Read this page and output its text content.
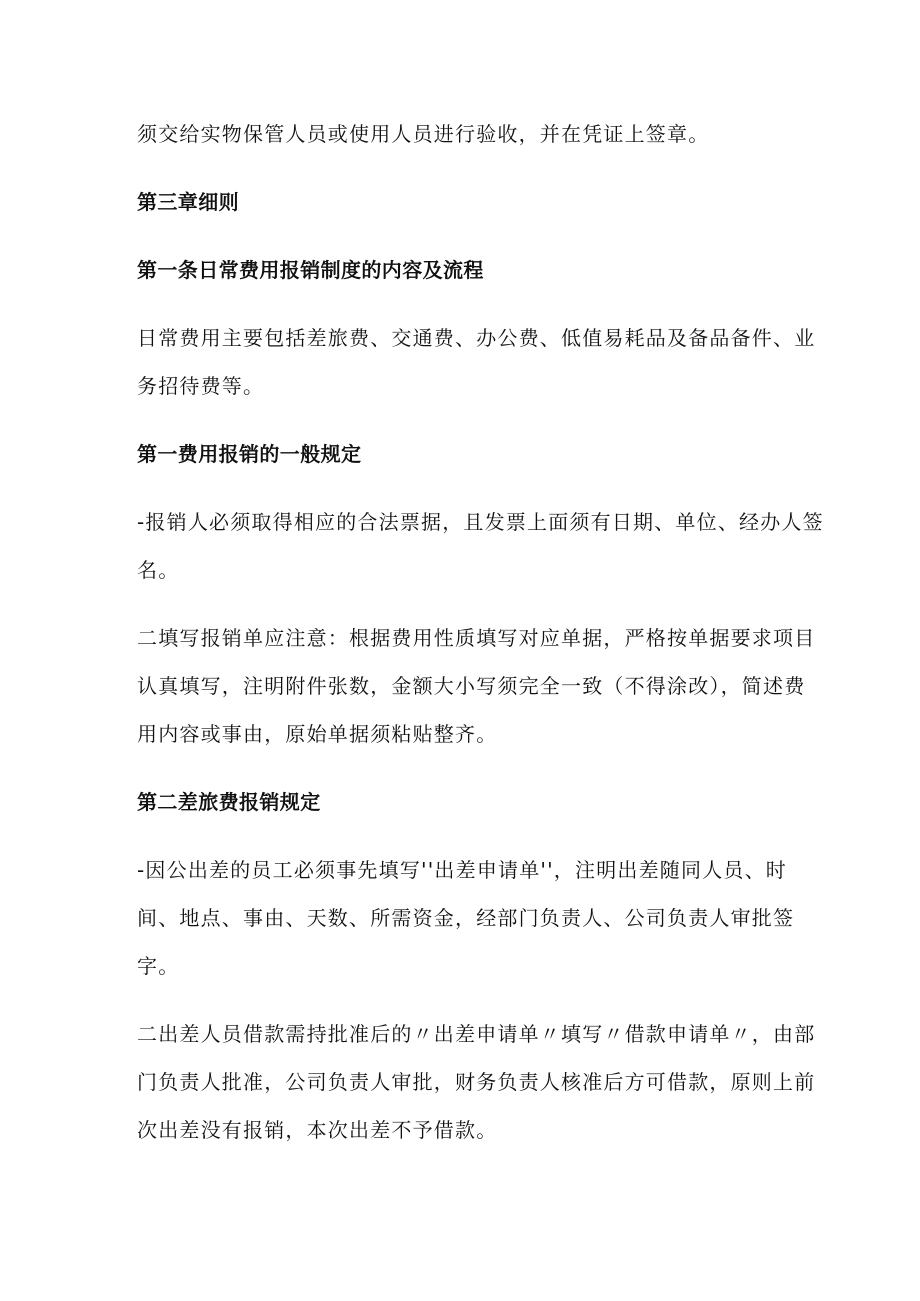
须交给实物保管人员或使用人员进行验收，并在凭证上签章。

第三章细则
第一条日常费用报销制度的内容及流程

日常费用主要包括差旅费、交通费、办公费、低值易耗品及备品备件、业
务招待费等。

第一费用报销的一般规定

-报销人必须取得相应的合法票据，且发票上面须有日期、单位、经办人签
名。

二填写报销单应注意：根据费用性质填写对应单据，严格按单据要求项目
认真填写，注明附件张数，金额大小写须完全一致（不得涂改），简述费
用内容或事由，原始单据须粘贴整齐。

第二差旅费报销规定

-因公出差的员工必须事先填写''出差申请单''，注明出差随同人员、时
间、地点、事由、天数、所需资金，经部门负责人、公司负责人审批签
字。

二出差人员借款需持批准后的〃出差申请单〃填写〃借款申请单〃，由部
门负责人批准，公司负责人审批，财务负责人核准后方可借款，原则上前
次出差没有报销，本次出差不予借款。
